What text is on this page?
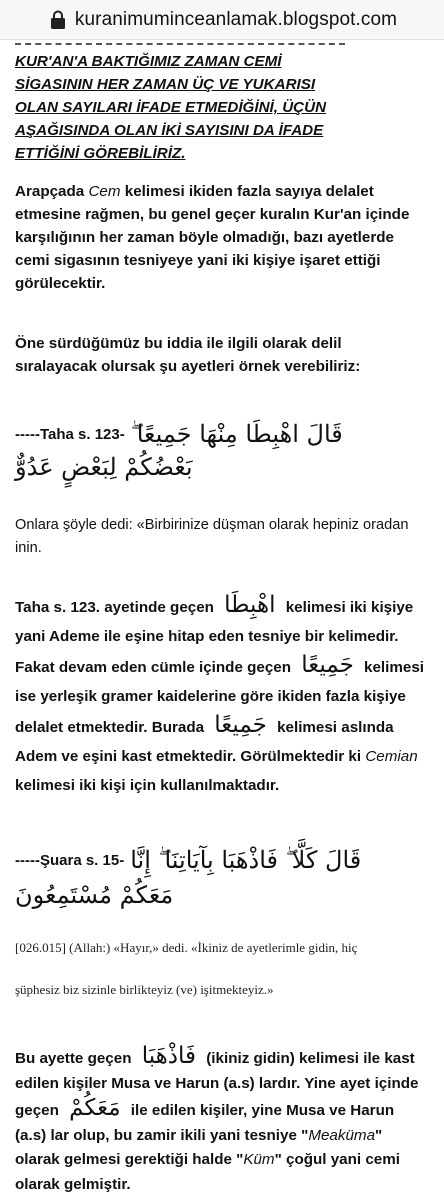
kuranimuminceanlamak.blogspot.com
KUR'AN'A BAKTIĞIMIZ ZAMAN CEMİ
SİGASININ HER ZAMAN ÜÇ VE YUKARISI
OLAN SAYILARI İFADE ETMEDİĞİNİ, ÜÇÜN
AŞAĞISINDA OLAN İKİ SAYISINI DA İFADE
ETTİĞİNİ GÖREBİLİRİZ.

Arapçada Cem kelimesi ikiden fazla sayıya delalet etmesine rağmen, bu genel geçer kuralın Kur'an içinde karşılığının her zaman böyle olmadığı, bazı ayetlerde cemi sigasının tesniyeye yani iki kişiye işaret ettiği görülecektir.

Öne sürdüğümüz bu iddia ile ilgili olarak delil sıralayacak olursak şu ayetleri örnek verebiliriz:

-----Taha s. 123- قَالَ اهْبِطَا مِنْهَا جَمِيعًا ۖ
بَعْضُكُمْ لِبَعْضٍ عَدُوٌّ

Onlara şöyle dedi: «Birbirinize düşman olarak hepiniz oradan inin.

Taha s. 123. ayetinde geçen اهْبِطَا kelimesi iki kişiye yani Ademe ile eşine hitap eden tesniye bir kelimedir. Fakat devam eden cümle içinde geçen جَمِيعًا kelimesi ise yerleşik gramer kaidelerine göre ikiden fazla kişiye delalet etmektedir. Burada جَمِيعًا kelimesi aslında Adem ve eşini kast etmektedir. Görülmektedir ki Cemian kelimesi iki kişi için kullanılmaktadır.

-----Şuara s. 15- قَالَ كَلَّا ۖ فَاذْهَبَا بِآيَاتِنَا ۖ إِنَّا
مَعَكُمْ مُسْتَمِعُونَ

[026.015] (Allah:) «Hayır,» dedi. «İkiniz de ayetlerimle gidin, hiç

şüphesiz biz sizinle birlikteyiz (ve) işitmekteyiz.»

Bu ayette geçen فَاذْهَبَا (ikiniz gidin) kelimesi ile kast edilen kişiler Musa ve Harun (a.s) lardır. Yine ayet içinde geçen مَعَكُمْ ile edilen kişiler, yine Musa ve Harun (a.s) lar olup, bu zamir ikili yani tesniye "Meaküma" olarak gelmesi gerektiği halde "Küm" çoğul yani cemi olarak gelmiştir.
